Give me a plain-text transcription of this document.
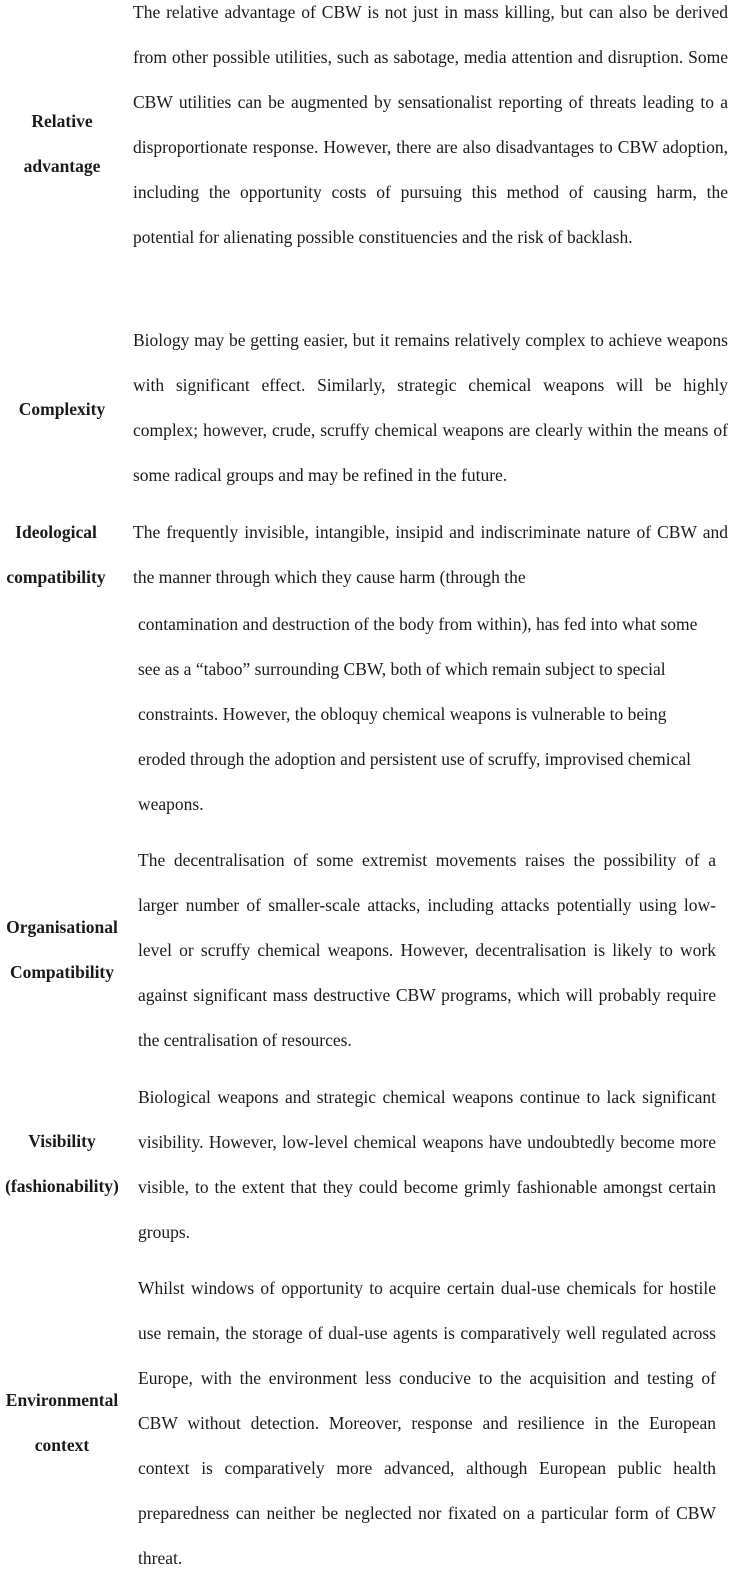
Relative
advantage
The relative advantage of CBW is not just in mass killing, but can also be derived from other possible utilities, such as sabotage, media attention and disruption. Some CBW utilities can be augmented by sensationalist reporting of threats leading to a disproportionate response. However, there are also disadvantages to CBW adoption, including the opportunity costs of pursuing this method of causing harm, the potential for alienating possible constituencies and the risk of backlash.
Complexity
Biology may be getting easier, but it remains relatively complex to achieve weapons with significant effect. Similarly, strategic chemical weapons will be highly complex; however, crude, scruffy chemical weapons are clearly within the means of some radical groups and may be refined in the future.
Ideological
compatibility
The frequently invisible, intangible, insipid and indiscriminate nature of CBW and the manner through which they cause harm (through the
contamination and destruction of the body from within), has fed into what some see as a “taboo” surrounding CBW, both of which remain subject to special constraints. However, the obloquy chemical weapons is vulnerable to being eroded through the adoption and persistent use of scruffy, improvised chemical weapons.
Organisational
Compatibility
The decentralisation of some extremist movements raises the possibility of a larger number of smaller-scale attacks, including attacks potentially using low-level or scruffy chemical weapons. However, decentralisation is likely to work against significant mass destructive CBW programs, which will probably require the centralisation of resources.
Visibility
(fashionability)
Biological weapons and strategic chemical weapons continue to lack significant visibility. However, low-level chemical weapons have undoubtedly become more visible, to the extent that they could become grimly fashionable amongst certain groups.
Environmental
context
Whilst windows of opportunity to acquire certain dual-use chemicals for hostile use remain, the storage of dual-use agents is comparatively well regulated across Europe, with the environment less conducive to the acquisition and testing of CBW without detection. Moreover, response and resilience in the European context is comparatively more advanced, although European public health preparedness can neither be neglected nor fixated on a particular form of CBW threat.
